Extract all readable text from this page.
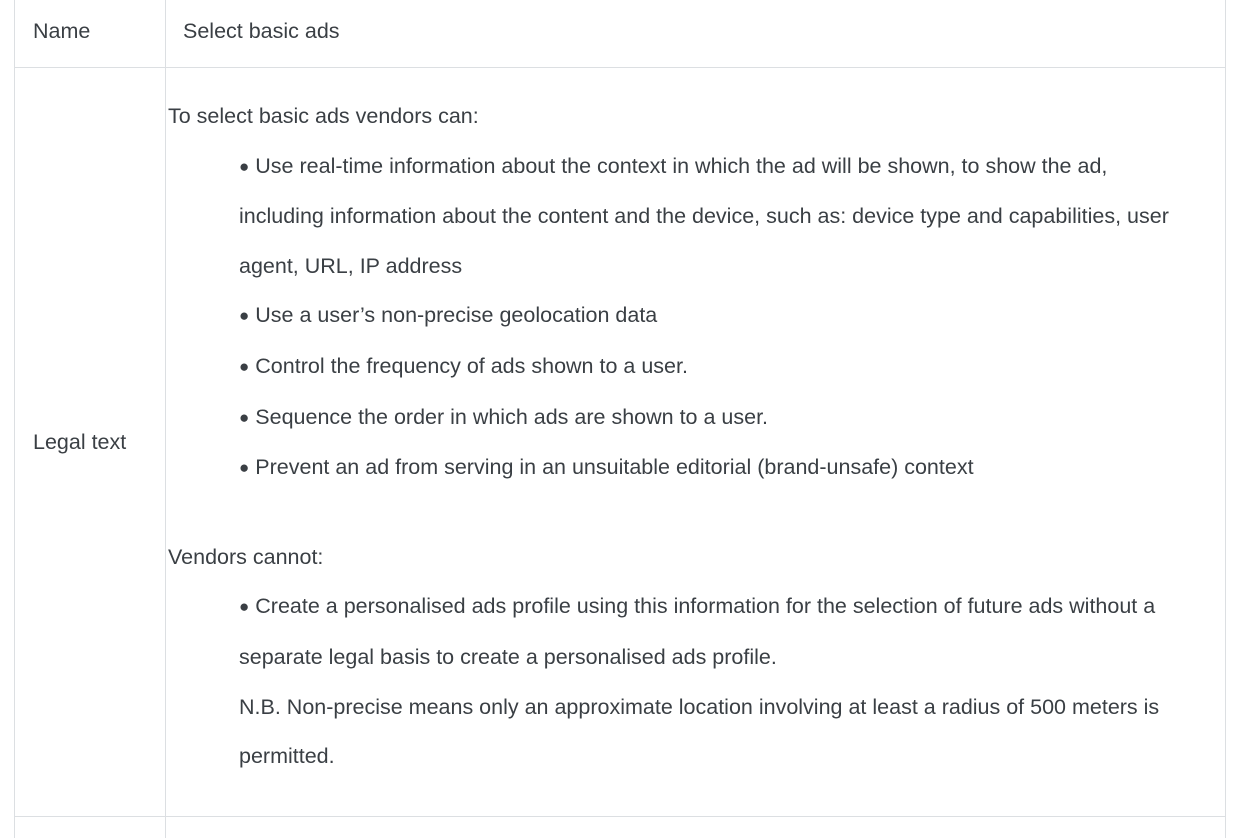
Name	Select basic ads
Legal text

To select basic ads vendors can:

● Use real-time information about the context in which the ad will be shown, to show the ad, including information about the content and the device, such as: device type and capabilities, user agent, URL, IP address
● Use a user’s non-precise geolocation data
● Control the frequency of ads shown to a user.
● Sequence the order in which ads are shown to a user.
● Prevent an ad from serving in an unsuitable editorial (brand-unsafe) context

Vendors cannot:

● Create a personalised ads profile using this information for the selection of future ads without a separate legal basis to create a personalised ads profile.

N.B. Non-precise means only an approximate location involving at least a radius of 500 meters is permitted.
